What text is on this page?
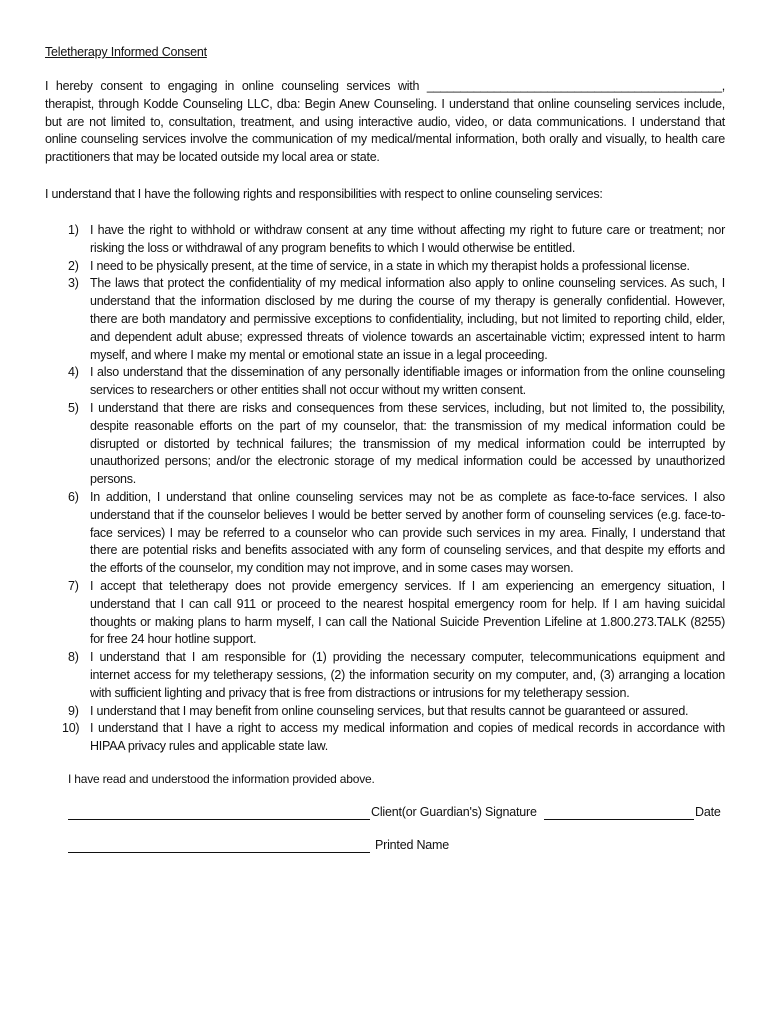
Teletherapy Informed Consent
I hereby consent to engaging in online counseling services with ____________________________________________, therapist, through Kodde Counseling LLC, dba: Begin Anew Counseling. I understand that online counseling services include, but are not limited to, consultation, treatment, and using interactive audio, video, or data communications. I understand that online counseling services involve the communication of my medical/mental information, both orally and visually, to health care practitioners that may be located outside my local area or state.
I understand that I have the following rights and responsibilities with respect to online counseling services:
1) I have the right to withhold or withdraw consent at any time without affecting my right to future care or treatment; nor risking the loss or withdrawal of any program benefits to which I would otherwise be entitled.
2) I need to be physically present, at the time of service, in a state in which my therapist holds a professional license.
3) The laws that protect the confidentiality of my medical information also apply to online counseling services. As such, I understand that the information disclosed by me during the course of my therapy is generally confidential. However, there are both mandatory and permissive exceptions to confidentiality, including, but not limited to reporting child, elder, and dependent adult abuse; expressed threats of violence towards an ascertainable victim; expressed intent to harm myself, and where I make my mental or emotional state an issue in a legal proceeding.
4) I also understand that the dissemination of any personally identifiable images or information from the online counseling services to researchers or other entities shall not occur without my written consent.
5) I understand that there are risks and consequences from these services, including, but not limited to, the possibility, despite reasonable efforts on the part of my counselor, that: the transmission of my medical information could be disrupted or distorted by technical failures; the transmission of my medical information could be interrupted by unauthorized persons; and/or the electronic storage of my medical information could be accessed by unauthorized persons.
6) In addition, I understand that online counseling services may not be as complete as face-to-face services. I also understand that if the counselor believes I would be better served by another form of counseling services (e.g. face-to-face services) I may be referred to a counselor who can provide such services in my area. Finally, I understand that there are potential risks and benefits associated with any form of counseling services, and that despite my efforts and the efforts of the counselor, my condition may not improve, and in some cases may worsen.
7) I accept that teletherapy does not provide emergency services. If I am experiencing an emergency situation, I understand that I can call 911 or proceed to the nearest hospital emergency room for help. If I am having suicidal thoughts or making plans to harm myself, I can call the National Suicide Prevention Lifeline at 1.800.273.TALK (8255) for free 24 hour hotline support.
8) I understand that I am responsible for (1) providing the necessary computer, telecommunications equipment and internet access for my teletherapy sessions, (2) the information security on my computer, and, (3) arranging a location with sufficient lighting and privacy that is free from distractions or intrusions for my teletherapy session.
9) I understand that I may benefit from online counseling services, but that results cannot be guaranteed or assured.
10) I understand that I have a right to access my medical information and copies of medical records in accordance with HIPAA privacy rules and applicable state law.
I have read and understood the information provided above.
Client(or Guardian's) Signature	Date
Printed Name
